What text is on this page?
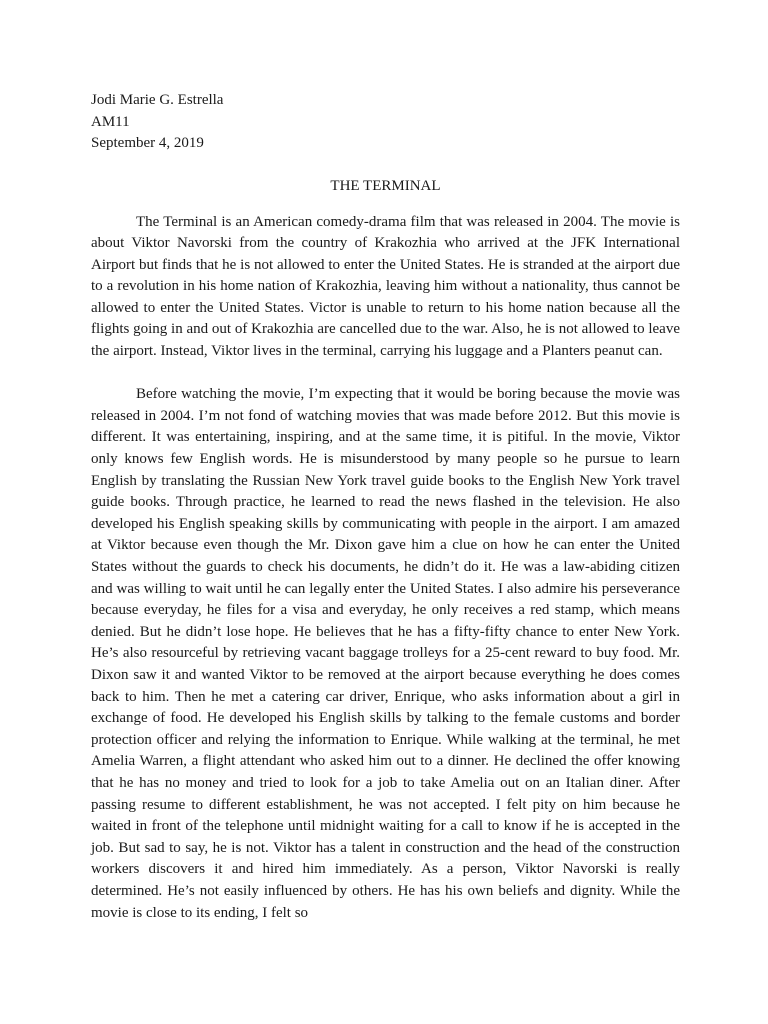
Jodi Marie G. Estrella

AM11

September 4, 2019

THE TERMINAL

The Terminal is an American comedy-drama film that was released in 2004. The movie is about Viktor Navorski from the country of Krakozhia who arrived at the JFK International Airport but finds that he is not allowed to enter the United States. He is stranded at the airport due to a revolution in his home nation of Krakozhia, leaving him without a nationality, thus cannot be allowed to enter the United States. Victor is unable to return to his home nation because all the flights going in and out of Krakozhia are cancelled due to the war. Also, he is not allowed to leave the airport. Instead, Viktor lives in the terminal, carrying his luggage and a Planters peanut can.

Before watching the movie, I’m expecting that it would be boring because the movie was released in 2004. I’m not fond of watching movies that was made before 2012. But this movie is different. It was entertaining, inspiring, and at the same time, it is pitiful. In the movie, Viktor only knows few English words. He is misunderstood by many people so he pursue to learn English by translating the Russian New York travel guide books to the English New York travel guide books. Through practice, he learned to read the news flashed in the television. He also developed his English speaking skills by communicating with people in the airport. I am amazed at Viktor because even though the Mr. Dixon gave him a clue on how he can enter the United States without the guards to check his documents, he didn’t do it. He was a law-abiding citizen and was willing to wait until he can legally enter the United States. I also admire his perseverance because everyday, he files for a visa and everyday, he only receives a red stamp, which means denied. But he didn’t lose hope. He believes that he has a fifty-fifty chance to enter New York. He’s also resourceful by retrieving vacant baggage trolleys for a 25-cent reward to buy food. Mr. Dixon saw it and wanted Viktor to be removed at the airport because everything he does comes back to him. Then he met a catering car driver, Enrique, who asks information about a girl in exchange of food. He developed his English skills by talking to the female customs and border protection officer and relying the information to Enrique. While walking at the terminal, he met Amelia Warren, a flight attendant who asked him out to a dinner. He declined the offer knowing that he has no money and tried to look for a job to take Amelia out on an Italian diner. After passing resume to different establishment, he was not accepted. I felt pity on him because he waited in front of the telephone until midnight waiting for a call to know if he is accepted in the job. But sad to say, he is not. Viktor has a talent in construction and the head of the construction workers discovers it and hired him immediately. As a person, Viktor Navorski is really determined. He’s not easily influenced by others. He has his own beliefs and dignity. While the movie is close to its ending, I felt so
